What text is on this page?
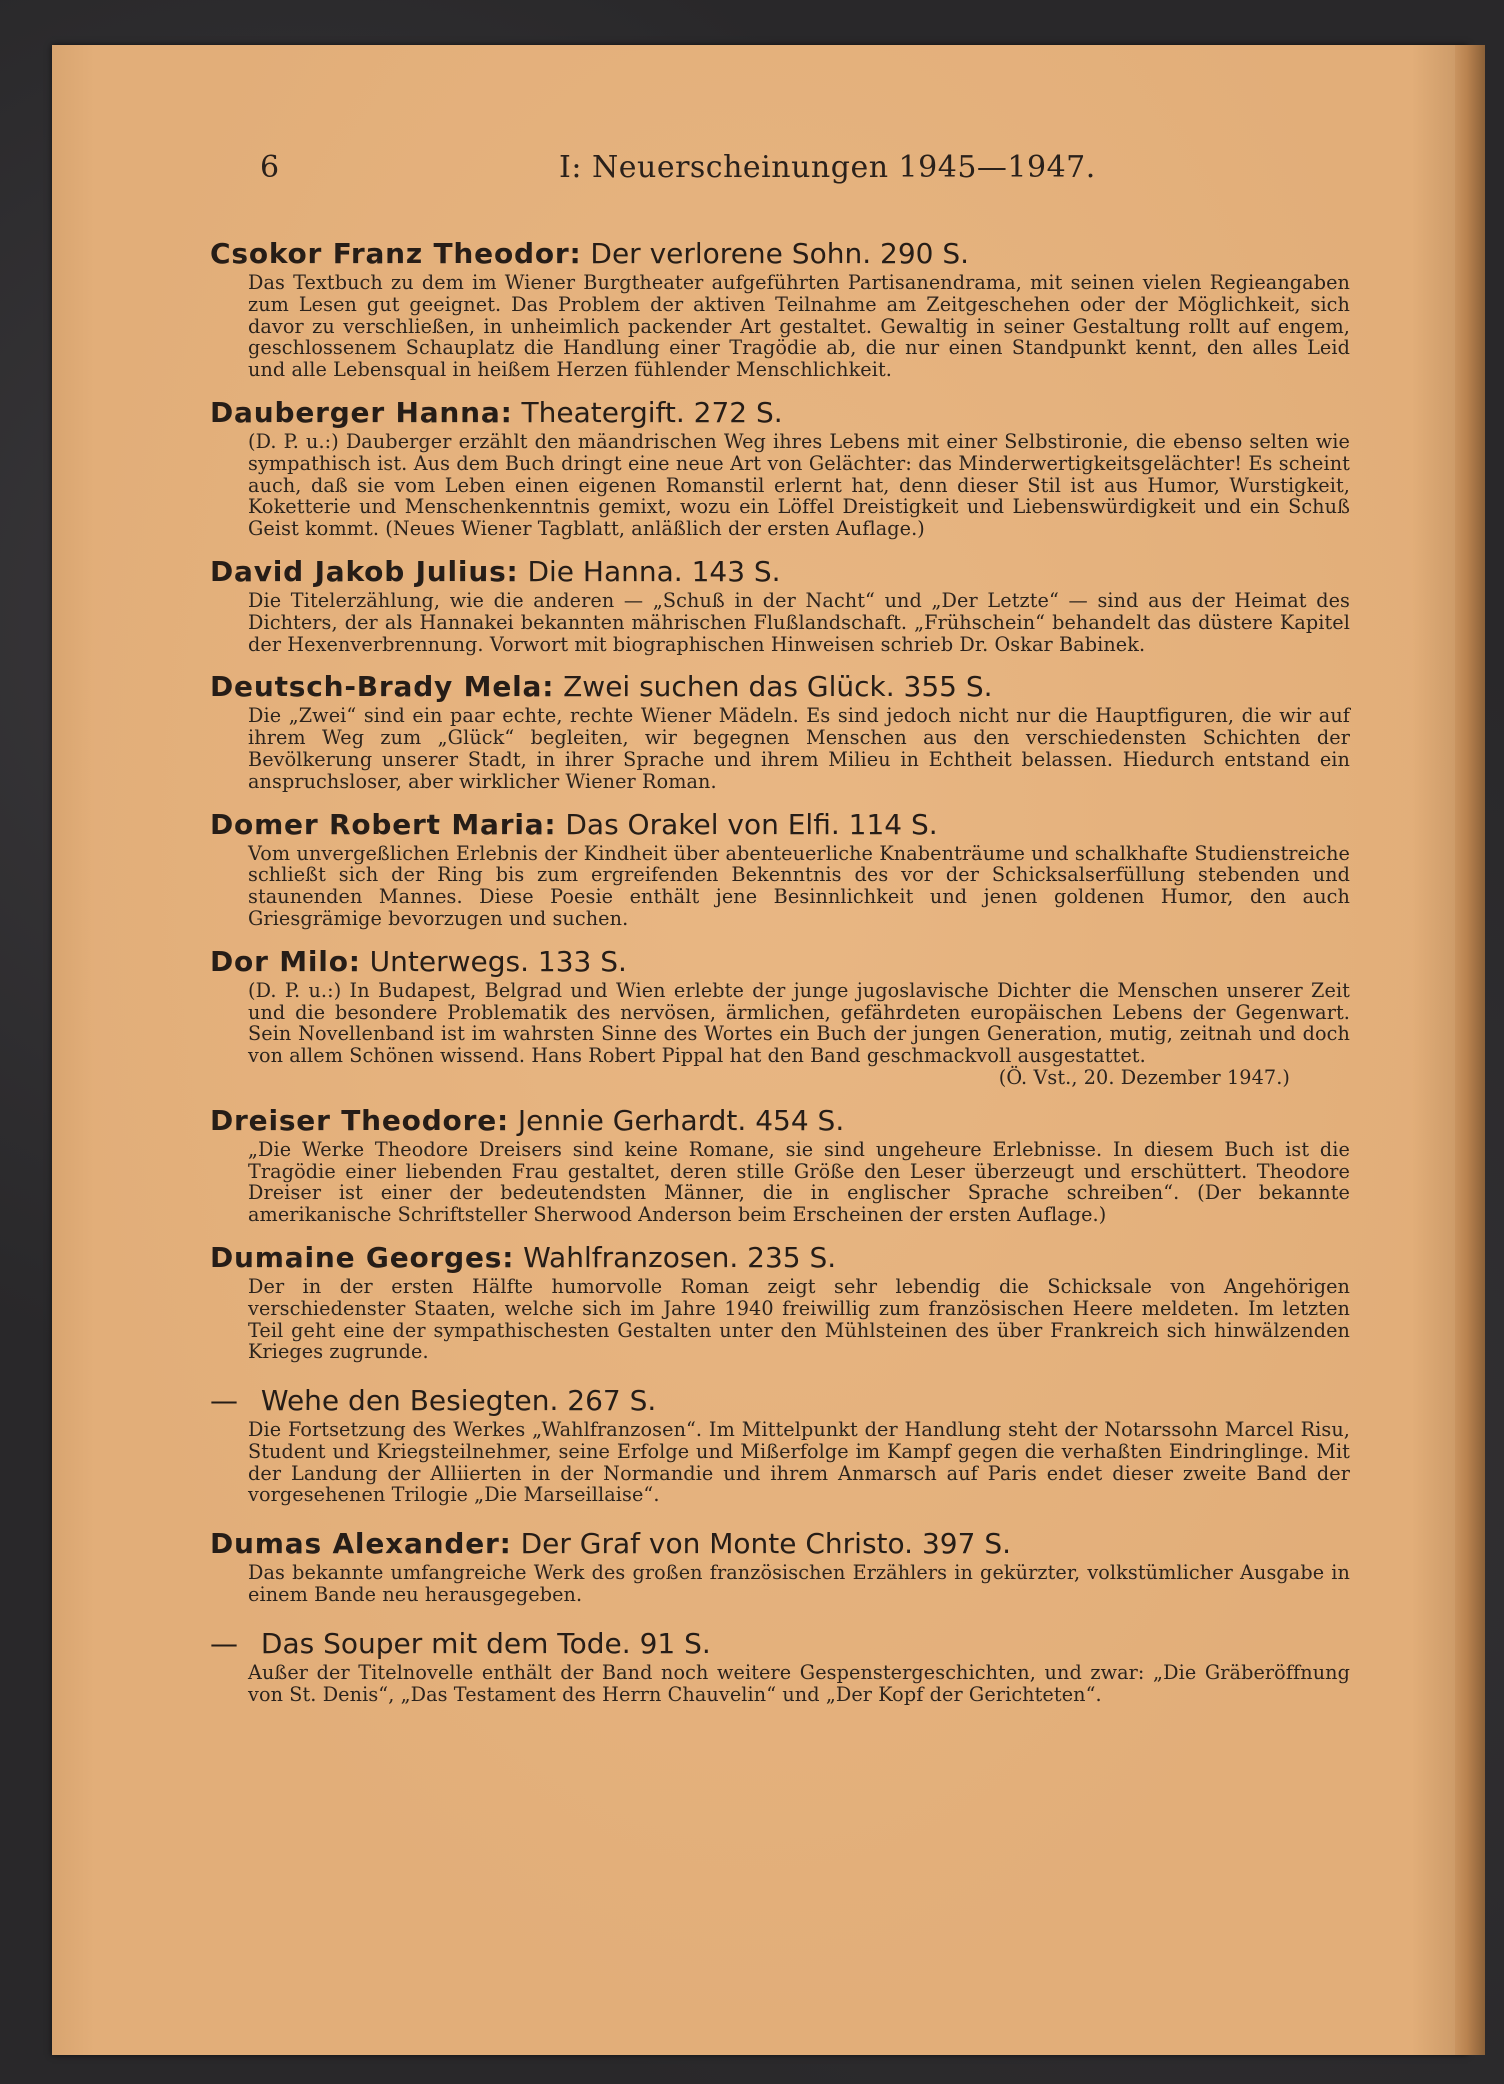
6	I: Neuerscheinungen 1945—1947.
Csokor Franz Theodor: Der verlorene Sohn. 290 S.
Das Textbuch zu dem im Wiener Burgtheater aufgeführten Partisanendrama, mit seinen vielen Regieangaben zum Lesen gut geeignet. Das Problem der aktiven Teilnahme am Zeitgeschehen oder der Möglichkeit, sich davor zu verschließen, in unheimlich packender Art gestaltet. Gewaltig in seiner Gestaltung rollt auf engem, geschlossenem Schauplatz die Handlung einer Tragödie ab, die nur einen Standpunkt kennt, den alles Leid und alle Lebensqual in heißem Herzen fühlender Menschlichkeit.
Dauberger Hanna: Theatergift. 272 S.
(D. P. u.:) Dauberger erzählt den mäandrischen Weg ihres Lebens mit einer Selbstironie, die ebenso selten wie sympathisch ist. Aus dem Buch dringt eine neue Art von Gelächter: das Minderwertigkeitsgelächter! Es scheint auch, daß sie vom Leben einen eigenen Romanstil erlernt hat, denn dieser Stil ist aus Humor, Wurstigkeit, Koketterie und Menschenkenntnis gemixt, wozu ein Löffel Dreistigkeit und Liebenswürdigkeit und ein Schuß Geist kommt. (Neues Wiener Tagblatt, anläßlich der ersten Auflage.)
David Jakob Julius: Die Hanna. 143 S.
Die Titelerzählung, wie die anderen — „Schuß in der Nacht“ und „Der Letzte“ — sind aus der Heimat des Dichters, der als Hannakei bekannten mährischen Flußlandschaft. „Frühschein“ behandelt das düstere Kapitel der Hexenverbrennung. Vorwort mit biographischen Hinweisen schrieb Dr. Oskar Babinek.
Deutsch-Brady Mela: Zwei suchen das Glück. 355 S.
Die „Zwei“ sind ein paar echte, rechte Wiener Mädeln. Es sind jedoch nicht nur die Hauptfiguren, die wir auf ihrem Weg zum „Glück“ begleiten, wir begegnen Menschen aus den verschiedensten Schichten der Bevölkerung unserer Stadt, in ihrer Sprache und ihrem Milieu in Echtheit belassen. Hiedurch entstand ein anspruchsloser, aber wirklicher Wiener Roman.
Domer Robert Maria: Das Orakel von Elfi. 114 S.
Vom unvergeßlichen Erlebnis der Kindheit über abenteuerliche Knabenträume und schalkhafte Studienstreiche schließt sich der Ring bis zum ergreifenden Bekenntnis des vor der Schicksalserfüllung stebenden und staunenden Mannes. Diese Poesie enthält jene Besinnlichkeit und jenen goldenen Humor, den auch Griesgrämige bevorzugen und suchen.
Dor Milo: Unterwegs. 133 S.
(D. P. u.:) In Budapest, Belgrad und Wien erlebte der junge jugoslavische Dichter die Menschen unserer Zeit und die besondere Problematik des nervösen, ärmlichen, gefährdeten europäischen Lebens der Gegenwart. Sein Novellenband ist im wahrsten Sinne des Wortes ein Buch der jungen Generation, mutig, zeitnah und doch von allem Schönen wissend. Hans Robert Pippal hat den Band geschmackvoll ausgestattet.
(Ö. Vst., 20. Dezember 1947.)
Dreiser Theodore: Jennie Gerhardt. 454 S.
„Die Werke Theodore Dreisers sind keine Romane, sie sind ungeheure Erlebnisse. In diesem Buch ist die Tragödie einer liebenden Frau gestaltet, deren stille Größe den Leser überzeugt und erschüttert. Theodore Dreiser ist einer der bedeutendsten Männer, die in englischer Sprache schreiben“. (Der bekannte amerikanische Schriftsteller Sherwood Anderson beim Erscheinen der ersten Auflage.)
Dumaine Georges: Wahlfranzosen. 235 S.
Der in der ersten Hälfte humorvolle Roman zeigt sehr lebendig die Schicksale von Angehörigen verschiedenster Staaten, welche sich im Jahre 1940 freiwillig zum französischen Heere meldeten. Im letzten Teil geht eine der sympathischesten Gestalten unter den Mühlsteinen des über Frankreich sich hinwälzenden Krieges zugrunde.
— Wehe den Besiegten. 267 S.
Die Fortsetzung des Werkes „Wahlfranzosen“. Im Mittelpunkt der Handlung steht der Notarssohn Marcel Risu, Student und Kriegsteilnehmer, seine Erfolge und Mißerfolge im Kampf gegen die verhaßten Eindringlinge. Mit der Landung der Alliierten in der Normandie und ihrem Anmarsch auf Paris endet dieser zweite Band der vorgesehenen Trilogie „Die Marseillaise“.
Dumas Alexander: Der Graf von Monte Christo. 397 S.
Das bekannte umfangreiche Werk des großen französischen Erzählers in gekürzter, volkstümlicher Ausgabe in einem Bande neu herausgegeben.
— Das Souper mit dem Tode. 91 S.
Außer der Titelnovelle enthält der Band noch weitere Gespenstergeschichten, und zwar: „Die Gräberöffnung von St. Denis“, „Das Testament des Herrn Chauvelin“ und „Der Kopf der Gerichteten“.
